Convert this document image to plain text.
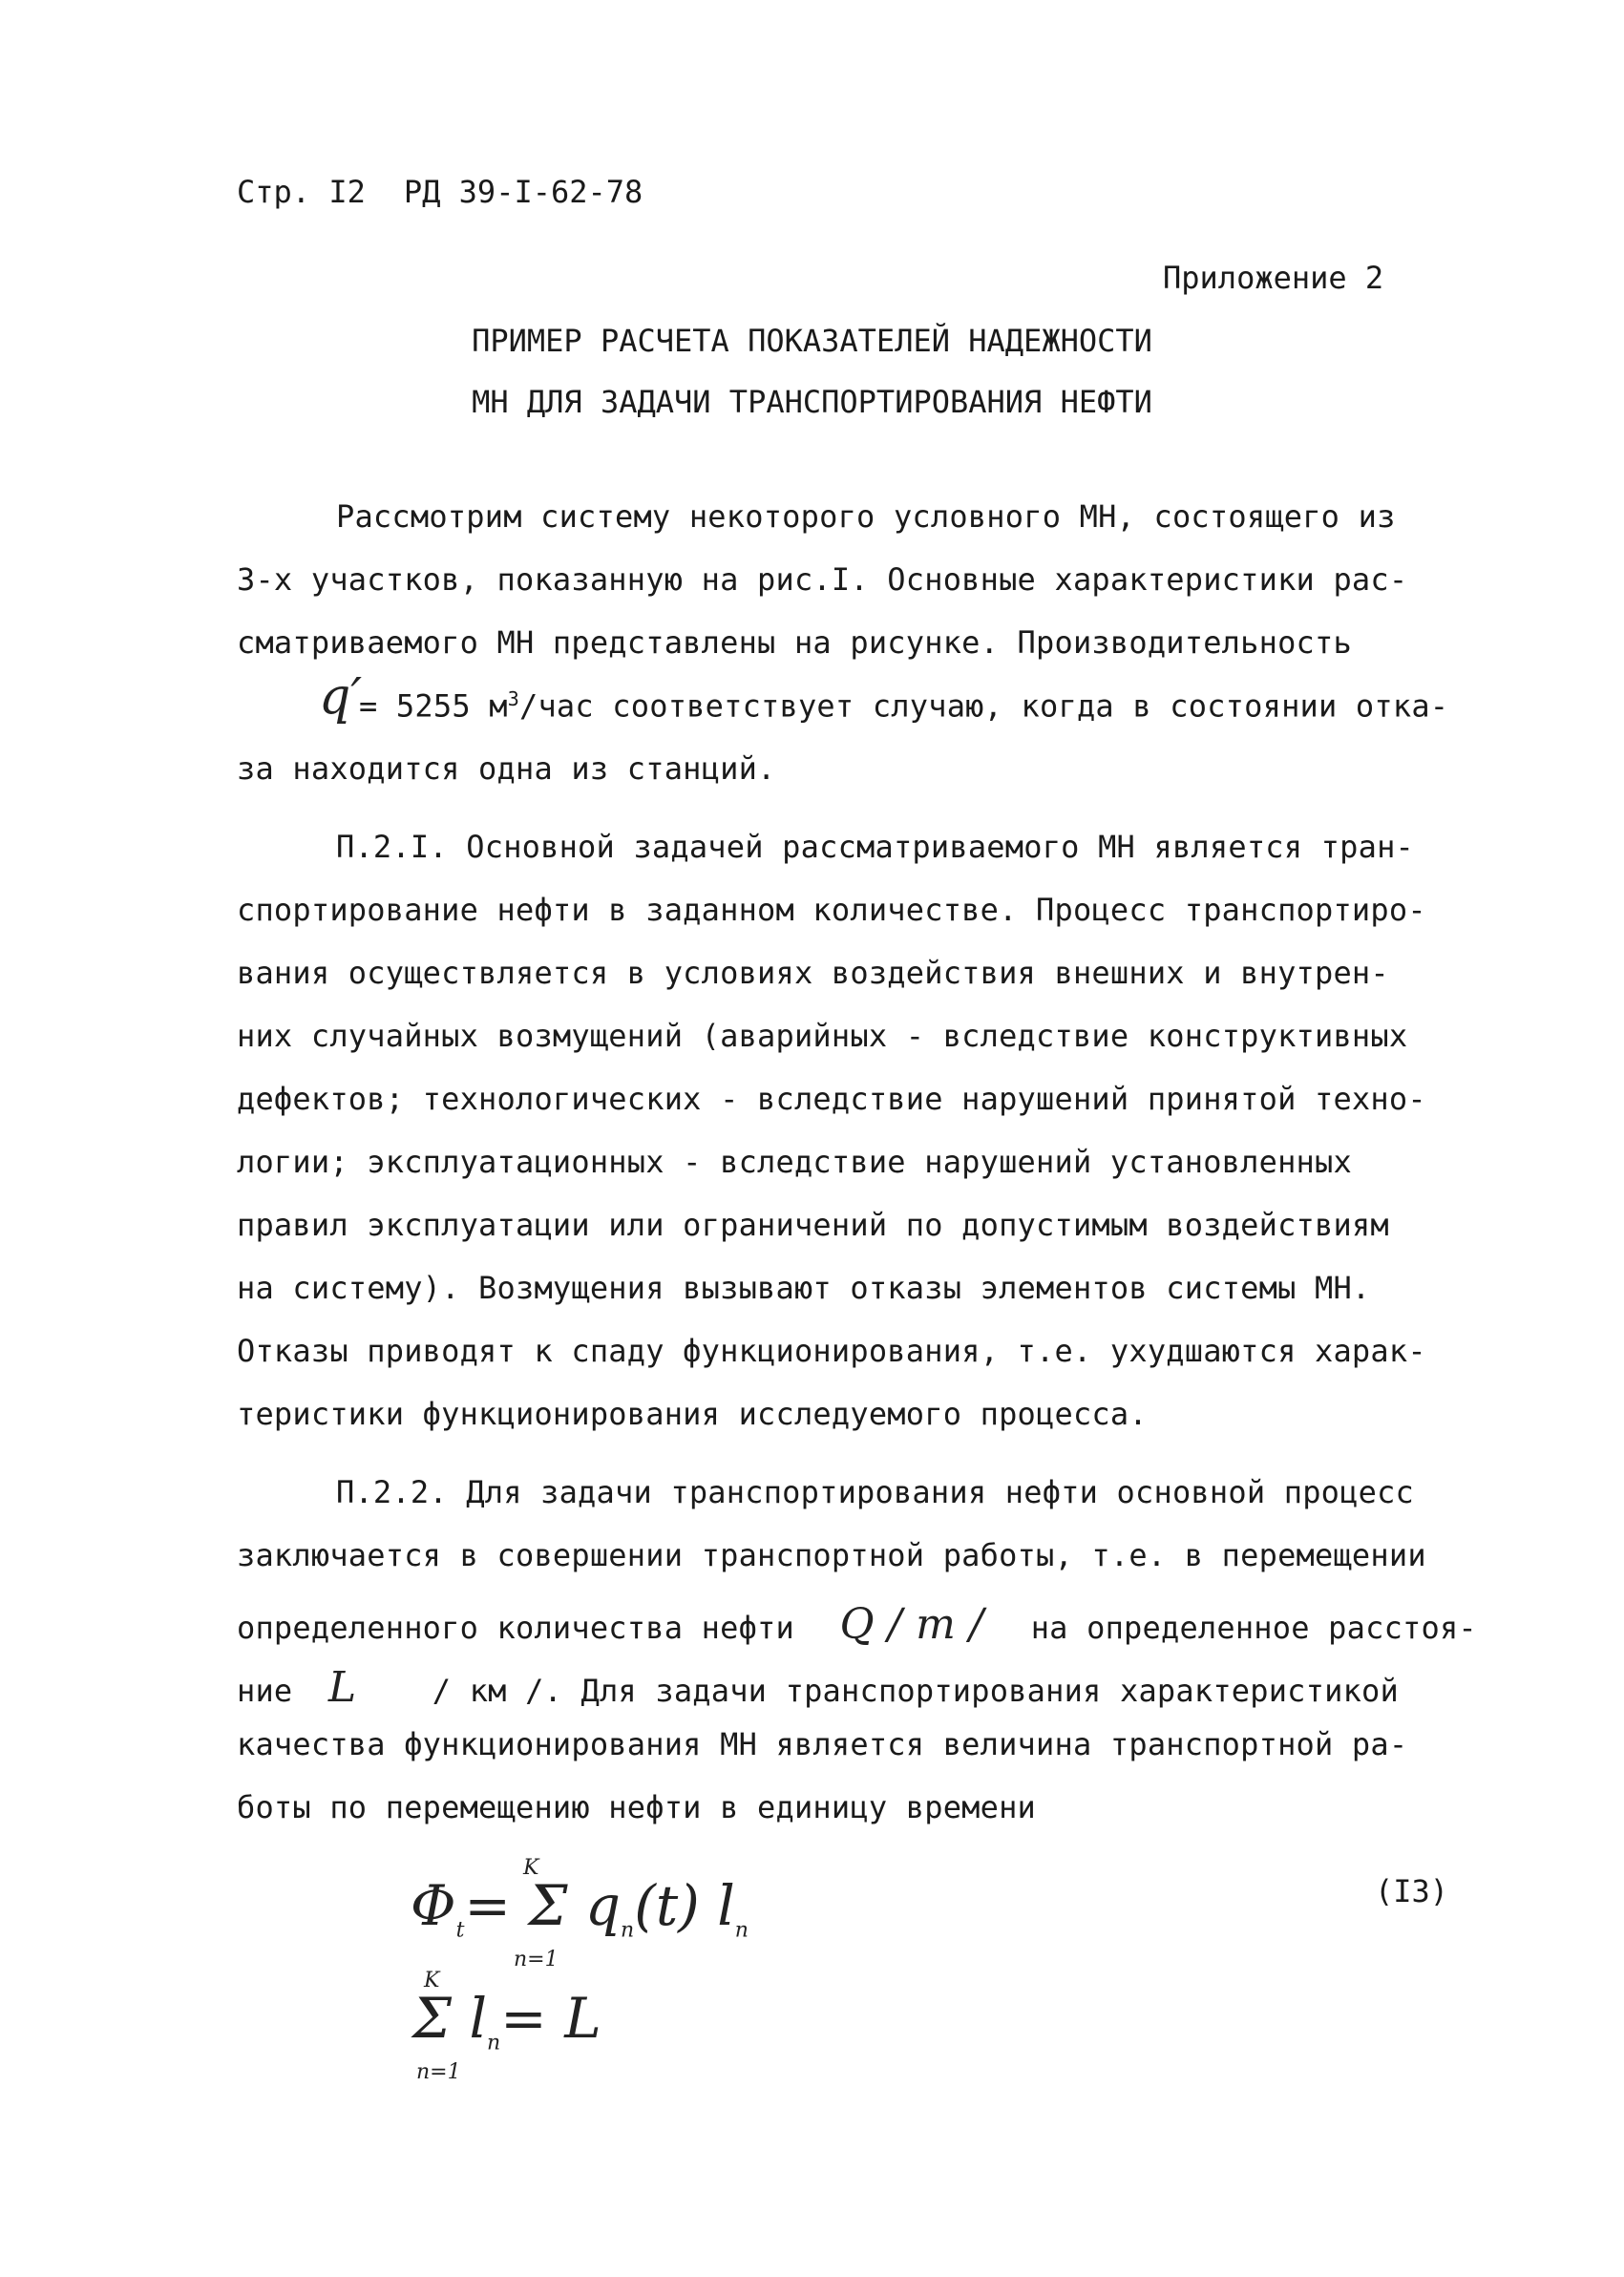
Стр. I2 РД 39-I-62-78
Приложение 2
ПРИМЕР РАСЧЕТА ПОКАЗАТЕЛЕЙ НАДЕЖНОСТИ
МН ДЛЯ ЗАДАЧИ ТРАНСПОРТИРОВАНИЯ НЕФТИ
Рассмотрим систему некоторого условного МН, состоящего из
3-х участков, показанную на рис.I. Основные характеристики рас-
сматриваемого МН представлены на рисунке. Производительность
q′
= 5255 $м^3$/час соответствует случаю, когда в состоянии отка-
за находится одна из станций.
П.2.I. Основной задачей рассматриваемого МН является тран-
спортирование нефти в заданном количестве. Процесс транспортиро-
вания осуществляется в условиях воздействия внешних и внутрен-
них случайных возмущений (аварийных - вследствие конструктивных
дефектов; технологических - вследствие нарушений принятой техно-
логии; эксплуатационных - вследствие нарушений установленных
правил эксплуатации или ограничений по допустимым воздействиям
на систему). Возмущения вызывают отказы элементов системы МН.
Отказы приводят к спаду функционирования, т.е. ухудшаются харак-
теристики функционирования исследуемого процесса.
П.2.2. Для задачи транспортирования нефти основной процесс
заключается в совершении транспортной работы, т.е. в перемещении
определенного количества нефти Q / т / на определенное расстоя-
ние L / км /. Для задачи транспортирования характеристикой
качества функционирования МН является величина транспортной ра-
боты по перемещению нефти в единицу времени
$\Phi_t= \Sigma$ $q_n(t)$ $l_n$
K
n=1
Σ $l_n= L$
K
n=1
(I3)
